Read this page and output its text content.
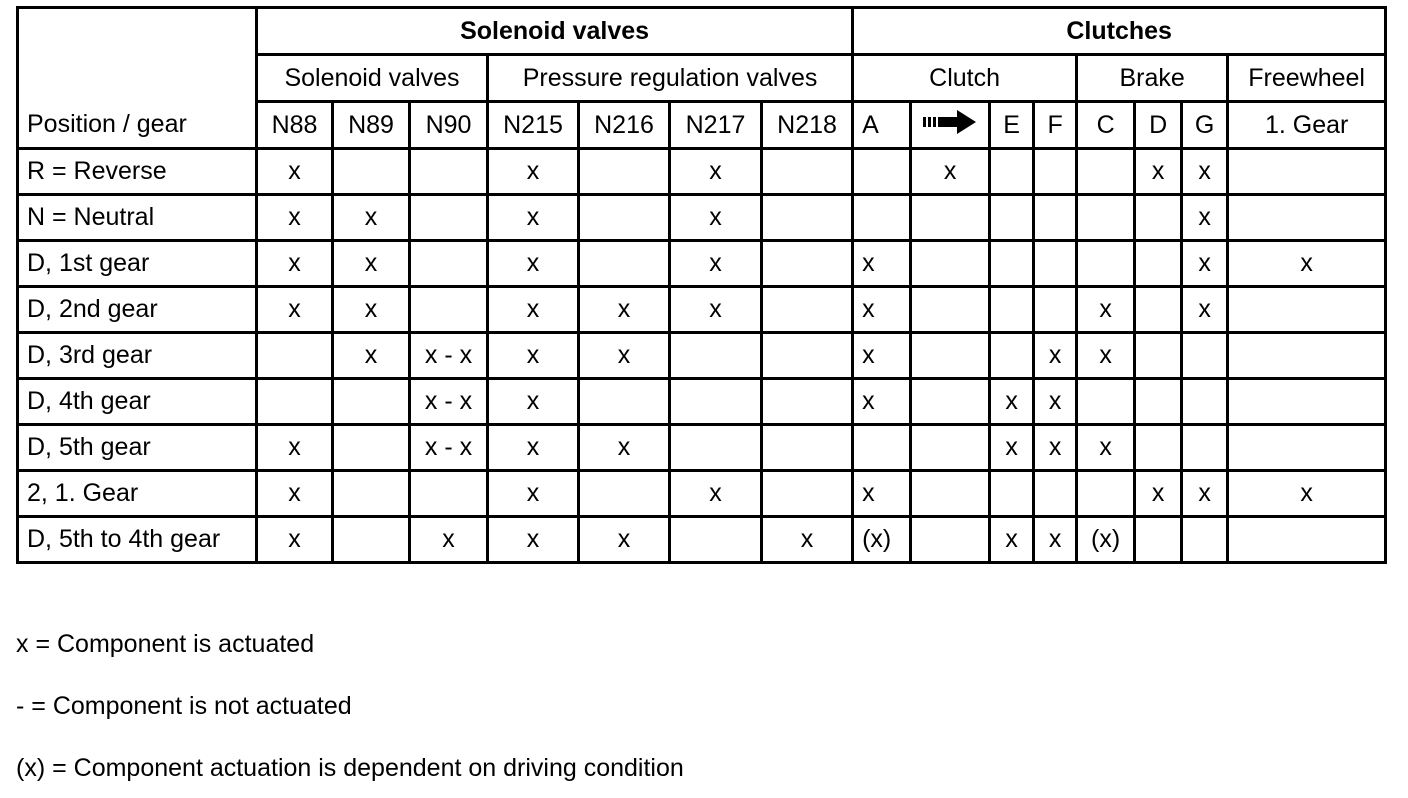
Position / gear	Solenoid valves							Clutches							
	Solenoid valves			Pressure regulation valves				Clutch				Brake			Freewheel
	N88	N89	N90	N215	N216	N217	N218	A		E	F	C	D	G	1. Gear
R = Reverse	x			x		x			x				x	x	
N = Neutral	x	x		x		x								x	
D, 1st gear	x	x		x		x		x						x	x
D, 2nd gear	x	x		x	x	x		x				x		x	
D, 3rd gear		x	x - x	x	x			x			x	x			
D, 4th gear			x - x	x				x		x	x				
D, 5th gear	x		x - x	x	x					x	x	x			
2, 1. Gear	x			x		x		x					x	x	x
D, 5th to 4th gear	x		x	x	x		x	(x)		x	x	(x)			
x = Component is actuated
- = Component is not actuated
(x) = Component actuation is dependent on driving condition
